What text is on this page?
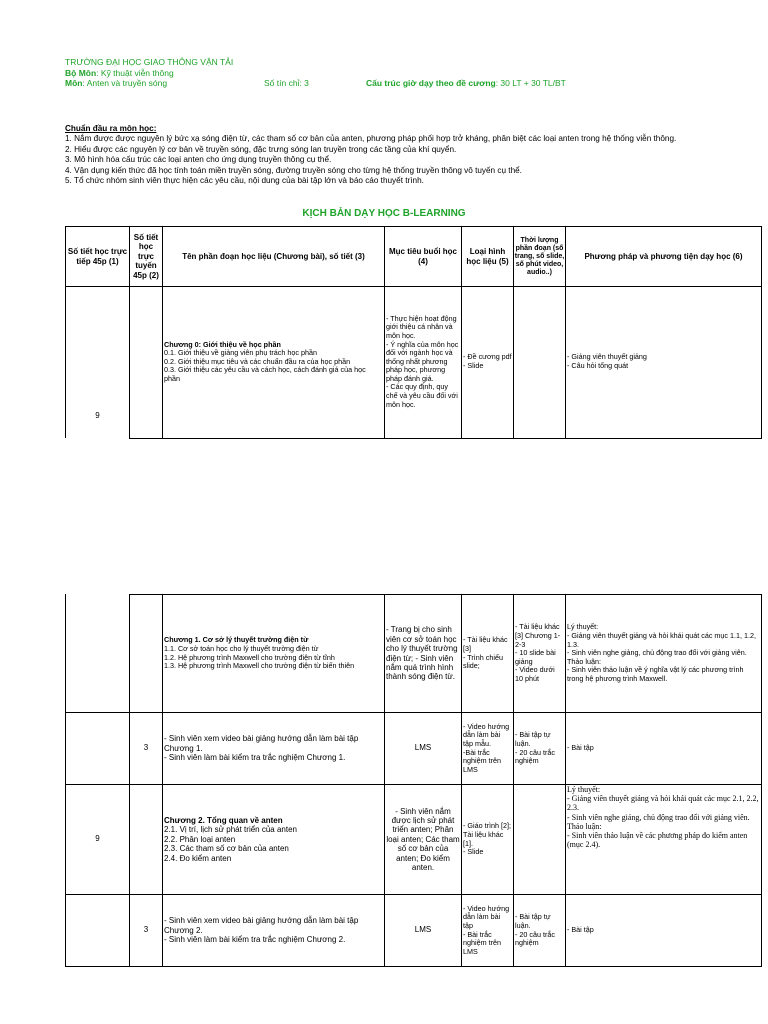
TRƯỜNG ĐẠI HỌC GIAO THÔNG VẬN TẢI
Bộ Môn: Kỹ thuật viễn thông
Môn: Anten và truyền sóng	Số tín chỉ: 3	Cấu trúc giờ dạy theo đề cương: 30 LT + 30 TL/BT
Chuẩn đầu ra môn học:
1. Nắm được được nguyên lý bức xạ sóng điện từ, các tham số cơ bản của anten, phương pháp phối hợp trở kháng, phân biệt các loại anten trong hệ thống viễn thông.
2. Hiểu được các nguyên lý cơ bản về truyền sóng, đặc trưng sóng lan truyền trong các tầng của khí quyển.
3. Mô hình hóa cấu trúc các loại anten cho ứng dụng truyền thông cụ thể.
4. Vận dụng kiến thức đã học tính toán miền truyền sóng, đường truyền sóng cho từng hệ thống truyền thông vô tuyến cụ thể.
5. Tổ chức nhóm sinh viên thực hiện các yêu cầu, nội dung của bài tập lớn và báo cáo thuyết trình.
KỊCH BẢN DẠY HỌC B-LEARNING
Số tiết học trực tiếp 45p (1)
Số tiết học trực tuyến 45p (2)
Tên phần đoạn học liệu (Chương bài), số tiết (3)
Mục tiêu buổi học (4)
Loại hình học liệu (5)
Thời lượng phần đoạn (số trang, số slide, số phút video, audio..)
Phương pháp và phương tiện dạy học (6)
9
Chương 0: Giới thiệu về học phần
0.1. Giới thiệu về giảng viên phụ trách học phần
0.2. Giới thiệu mục tiêu và các chuẩn đầu ra của học phần
0.3. Giới thiệu các yêu cầu và cách học, cách đánh giá của học phần
- Thực hiện hoạt động giới thiệu cá nhân và môn học.
- Ý nghĩa của môn học đối với ngành học và thống nhất phương pháp học, phương pháp đánh giá.
- Các quy định, quy chế và yêu cầu đối với môn học.
- Đề cương pdf
- Slide
- Giảng viên thuyết giảng
- Câu hỏi tổng quát
Chương 1. Cơ sở lý thuyết trường điện từ
1.1. Cơ sở toán học cho lý thuyết trường điện từ
1.2. Hệ phương trình Maxwell cho trường điện từ tĩnh
1.3. Hệ phương trình Maxwell cho trường điện từ biến thiên
- Trang bị cho sinh viên cơ sở toán học cho lý thuyết trường điện từ; - Sinh viên nắm quá trình hình thành sóng điện từ.
- Tài liệu khác [3]
- Trình chiếu slide;
- Tài liệu khác [3] Chương 1-2-3
- 10 slide bài giảng
- Video dưới 10 phút
Lý thuyết:
- Giảng viên thuyết giảng và hỏi khái quát các mục 1.1, 1.2, 1.3.
- Sinh viên nghe giảng, chủ động trao đổi với giảng viên.
Thảo luận:
- Sinh viên thảo luận về ý nghĩa vật lý các phương trình trong hệ phương trình Maxwell.
3
- Sinh viên xem video bài giảng hướng dẫn làm bài tập Chương 1.
- Sinh viên làm bài kiểm tra trắc nghiệm Chương 1.
LMS
- Video hướng dẫn làm bài tập mẫu.
-Bài trắc nghiệm trên LMS
- Bài tập tự luận.
- 20 câu trắc nghiệm
- Bài tập
9
Chương 2. Tổng quan về anten
2.1. Vị trí, lịch sử phát triển của anten
2.2. Phân loại anten
2.3. Các tham số cơ bản của anten
2.4. Đo kiểm anten
- Sinh viên nắm được lịch sử phát triển anten; Phân loại anten; Các tham số cơ bản của anten; Đo kiểm anten.
- Giáo trình [2]; Tài liệu khác [1].
- Slide
Lý thuyết:
- Giảng viên thuyết giảng và hỏi khái quát các mục 2.1, 2.2, 2.3.
- Sinh viên nghe giảng, chủ động trao đổi với giảng viên.
Thảo luận:
- Sinh viên thảo luận về các phương pháp đo kiểm anten (mục 2.4).
3
- Sinh viên xem video bài giảng hướng dẫn làm bài tập Chương 2.
- Sinh viên làm bài kiểm tra trắc nghiệm Chương 2.
LMS
- Video hướng dẫn làm bài tập
- Bài trắc nghiệm trên LMS
- Bài tập tự luận.
- 20 câu trắc nghiệm
- Bài tập
